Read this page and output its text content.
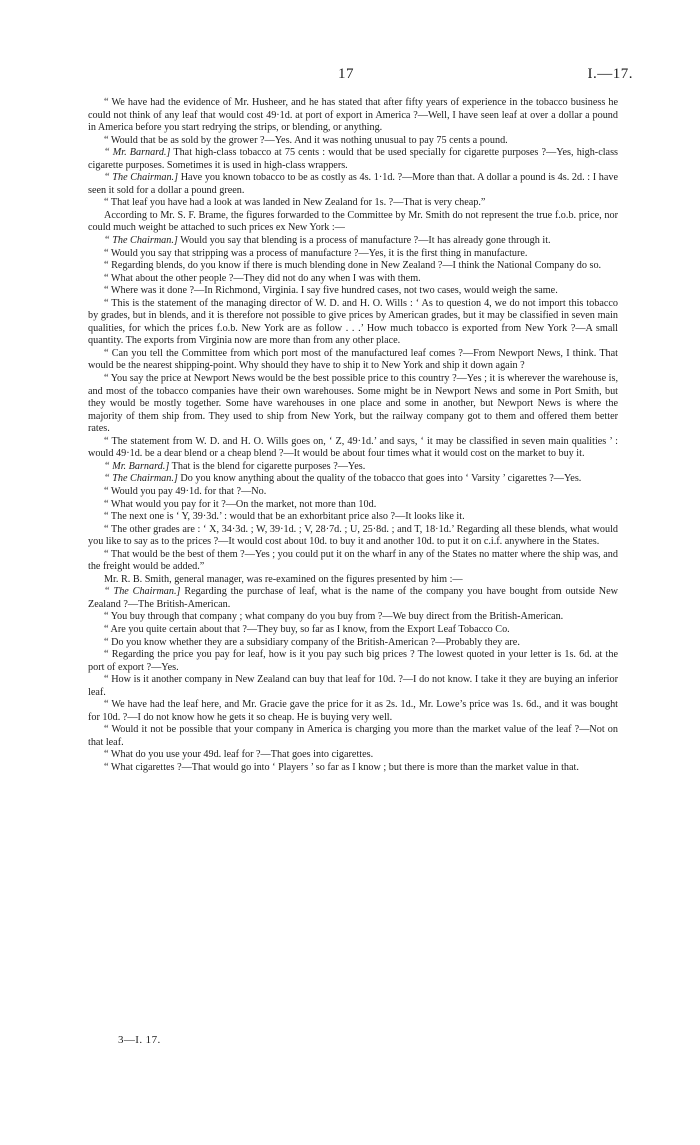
17	I.—17.

“ We have had the evidence of Mr. Husheer, and he has stated that after fifty years of experience in the tobacco business he could not think of any leaf that would cost 49·1d. at port of export in America ?—Well, I have seen leaf at over a dollar a pound in America before you start redrying the strips, or blending, or anything.

“ Would that be as sold by the grower ?—Yes. And it was nothing unusual to pay 75 cents a pound.

“ Mr. Barnard.] That high-class tobacco at 75 cents : would that be used specially for cigarette purposes ?—Yes, high-class cigarette purposes. Sometimes it is used in high-class wrappers.

“ The Chairman.] Have you known tobacco to be as costly as 4s. 1·1d. ?—More than that. A dollar a pound is 4s. 2d. : I have seen it sold for a dollar a pound green.

“ That leaf you have had a look at was landed in New Zealand for 1s. ?—That is very cheap.”

According to Mr. S. F. Brame, the figures forwarded to the Committee by Mr. Smith do not represent the true f.o.b. price, nor could much weight be attached to such prices ex New York :—

“ The Chairman.] Would you say that blending is a process of manufacture ?—It has already gone through it.

“ Would you say that stripping was a process of manufacture ?—Yes, it is the first thing in manufacture.

“ Regarding blends, do you know if there is much blending done in New Zealand ?—I think the National Company do so.

“ What about the other people ?—They did not do any when I was with them.

“ Where was it done ?—In Richmond, Virginia. I say five hundred cases, not two cases, would weigh the same.

“ This is the statement of the managing director of W. D. and H. O. Wills : ‘ As to question 4, we do not import this tobacco by grades, but in blends, and it is therefore not possible to give prices by American grades, but it may be classified in seven main qualities, for which the prices f.o.b. New York are as follow . . .’ How much tobacco is exported from New York ?—A small quantity. The exports from Virginia now are more than from any other place.

“ Can you tell the Committee from which port most of the manufactured leaf comes ?—From Newport News, I think. That would be the nearest shipping-point. Why should they have to ship it to New York and ship it down again ?

“ You say the price at Newport News would be the best possible price to this country ?—Yes ; it is wherever the warehouse is, and most of the tobacco companies have their own warehouses. Some might be in Newport News and some in Port Smith, but they would be mostly together. Some have warehouses in one place and some in another, but Newport News is where the majority of them ship from. They used to ship from New York, but the railway company got to them and offered them better rates.

“ The statement from W. D. and H. O. Wills goes on, ‘ Z, 49·1d.’ and says, ‘ it may be classified in seven main qualities ’ : would 49·1d. be a dear blend or a cheap blend ?—It would be about four times what it would cost on the market to buy it.

“ Mr. Barnard.] That is the blend for cigarette purposes ?—Yes.

“ The Chairman.] Do you know anything about the quality of the tobacco that goes into ‘ Varsity ’ cigarettes ?—Yes.

“ Would you pay 49·1d. for that ?—No.

“ What would you pay for it ?—On the market, not more than 10d.

“ The next one is ‘ Y, 39·3d.’ : would that be an exhorbitant price also ?—It looks like it.

“ The other grades are : ‘ X, 34·3d. ; W, 39·1d. ; V, 28·7d. ; U, 25·8d. ; and T, 18·1d.’ Regarding all these blends, what would you like to say as to the prices ?—It would cost about 10d. to buy it and another 10d. to put it on c.i.f. anywhere in the States.

“ That would be the best of them ?—Yes ; you could put it on the wharf in any of the States no matter where the ship was, and the freight would be added.”

Mr. R. B. Smith, general manager, was re-examined on the figures presented by him :—

“ The Chairman.] Regarding the purchase of leaf, what is the name of the company you have bought from outside New Zealand ?—The British-American.

“ You buy through that company ; what company do you buy from ?—We buy direct from the British-American.

“ Are you quite certain about that ?—They buy, so far as I know, from the Export Leaf Tobacco Co.

“ Do you know whether they are a subsidiary company of the British-American ?—Probably they are.

“ Regarding the price you pay for leaf, how is it you pay such big prices ? The lowest quoted in your letter is 1s. 6d. at the port of export ?—Yes.

“ How is it another company in New Zealand can buy that leaf for 10d. ?—I do not know. I take it they are buying an inferior leaf.

“ We have had the leaf here, and Mr. Gracie gave the price for it as 2s. 1d., Mr. Lowe’s price was 1s. 6d., and it was bought for 10d. ?—I do not know how he gets it so cheap. He is buying very well.

“ Would it not be possible that your company in America is charging you more than the market value of the leaf ?—Not on that leaf.

“ What do you use your 49d. leaf for ?—That goes into cigarettes.

“ What cigarettes ?—That would go into ‘ Players ’ so far as I know ; but there is more than the market value in that.

3—I. 17.
